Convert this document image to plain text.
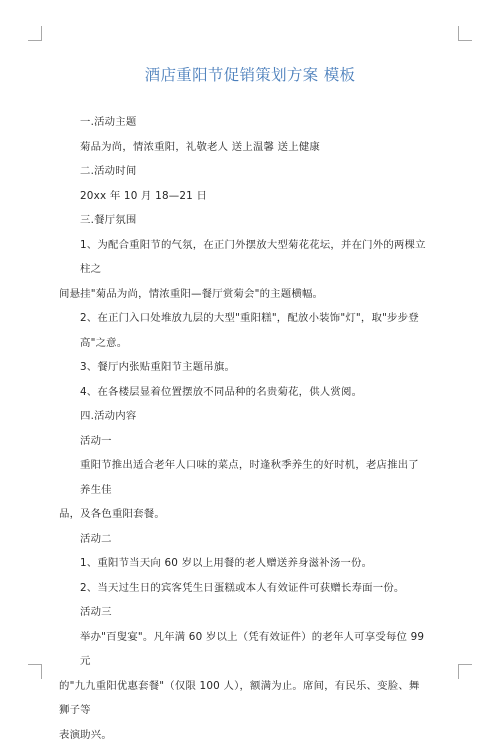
酒店重阳节促销策划方案 模板

一.活动主题

菊品为尚，情浓重阳，礼敬老人 送上温馨 送上健康

二.活动时间

20xx 年 10 月 18—21 日

三.餐厅氛围

1、为配合重阳节的气氛，在正门外摆放大型菊花花坛，并在门外的两棵立柱之

间悬挂"菊品为尚，情浓重阳—餐厅赏菊会"的主题横幅。

2、在正门入口处堆放九层的大型"重阳糕"，配放小装饰"灯"，取"步步登高"之意。

3、餐厅内张贴重阳节主题吊旗。

4、在各楼层显着位置摆放不同品种的名贵菊花，供人赏阅。

四.活动内容

活动一

重阳节推出适合老年人口味的菜点，时逢秋季养生的好时机，老店推出了养生佳

品，及各色重阳套餐。

活动二

1、重阳节当天向 60 岁以上用餐的老人赠送养身滋补汤一份。

2、当天过生日的宾客凭生日蛋糕或本人有效证件可获赠长寿面一份。

活动三

举办"百叟宴"。凡年满 60 岁以上（凭有效证件）的老年人可享受每位 99 元

的"九九重阳优惠套餐"（仅限 100 人），额满为止。席间，有民乐、变脸、舞狮子等

表演助兴。
